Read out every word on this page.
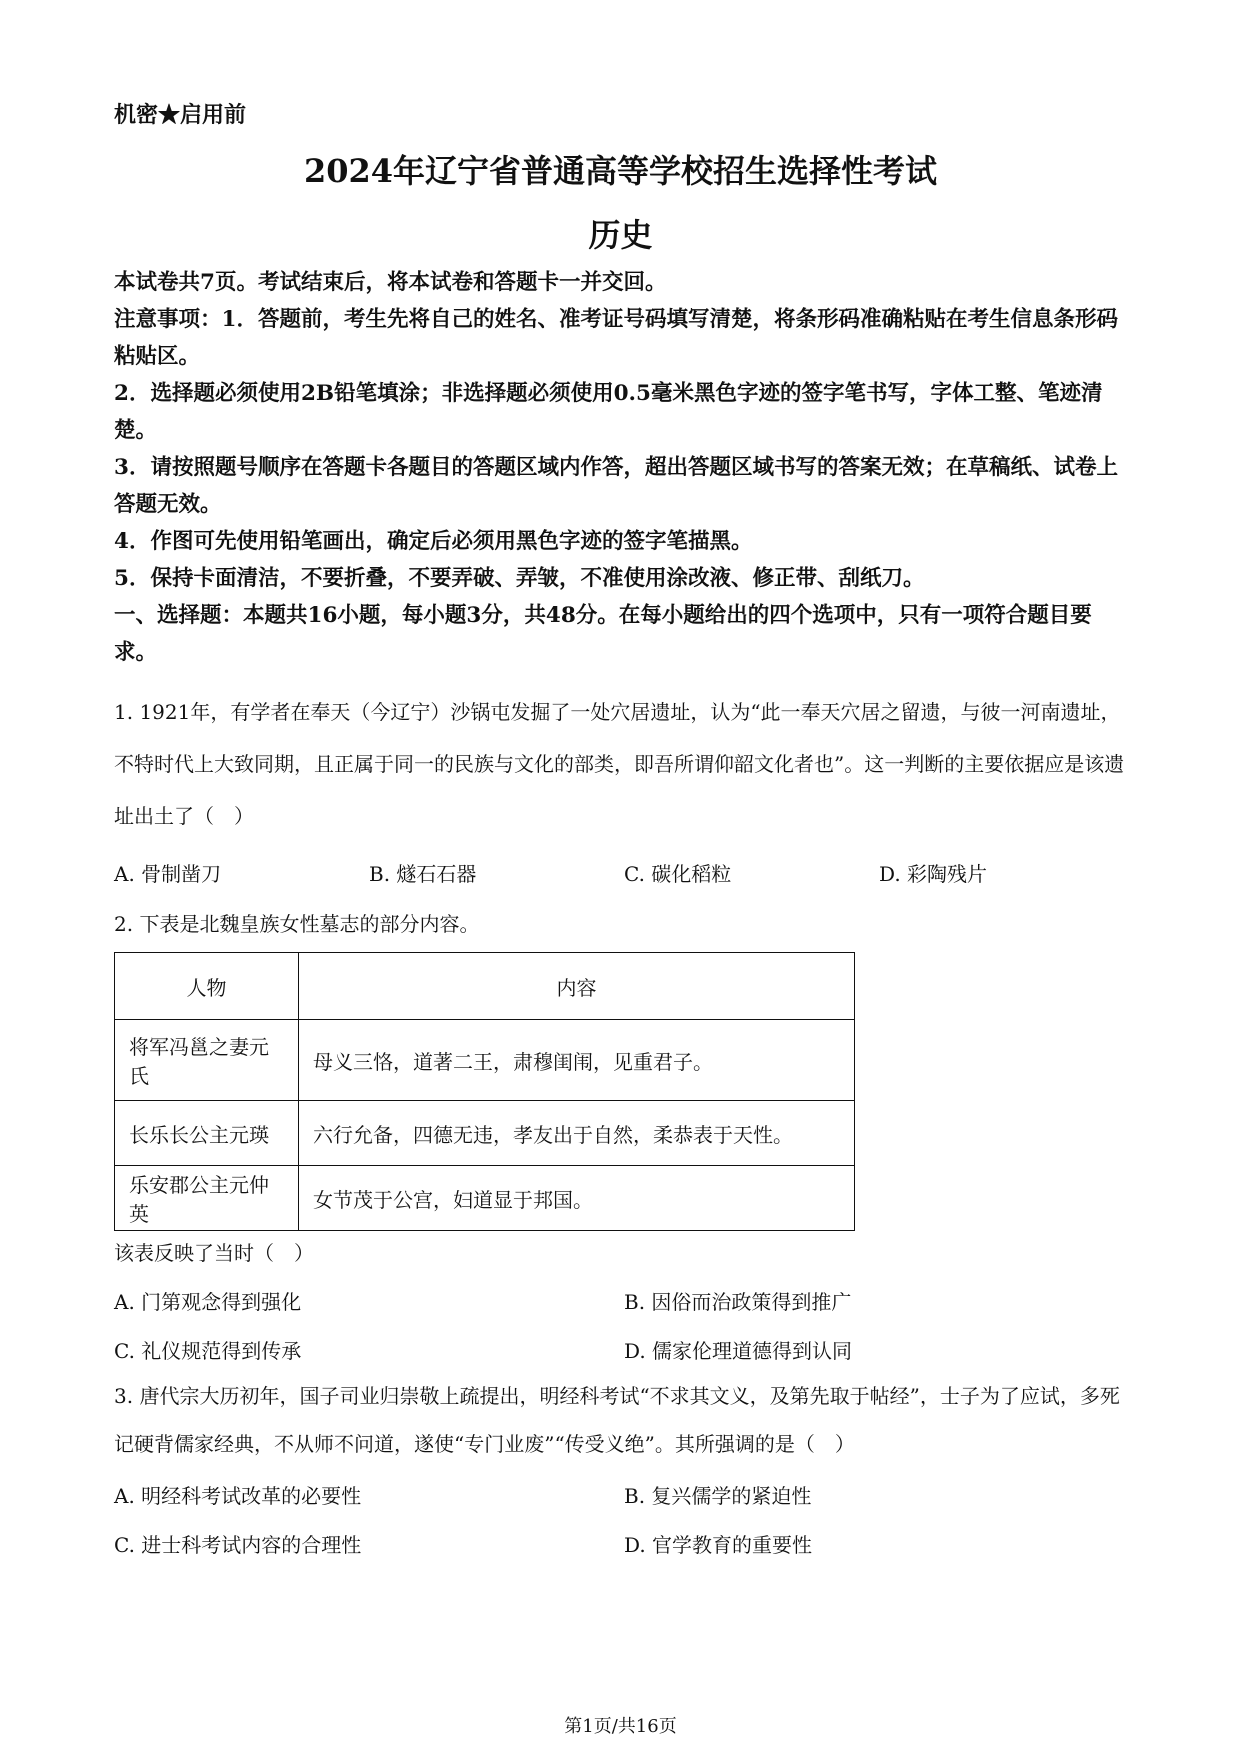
机密★启用前
2024年辽宁省普通高等学校招生选择性考试
历史

本试卷共7页。考试结束后，将本试卷和答题卡一并交回。

注意事项：1．答题前，考生先将自己的姓名、准考证号码填写清楚，将条形码准确粘贴在考生信息条形码粘贴区。

2．选择题必须使用2B铅笔填涂；非选择题必须使用0.5毫米黑色字迹的签字笔书写，字体工整、笔迹清楚。

3．请按照题号顺序在答题卡各题目的答题区域内作答，超出答题区域书写的答案无效；在草稿纸、试卷上答题无效。

4．作图可先使用铅笔画出，确定后必须用黑色字迹的签字笔描黑。

5．保持卡面清洁，不要折叠，不要弄破、弄皱，不准使用涂改液、修正带、刮纸刀。

一、选择题：本题共16小题，每小题3分，共48分。在每小题给出的四个选项中，只有一项符合题目要求。

1. 1921年，有学者在奉天（今辽宁）沙锅屯发掘了一处穴居遗址，认为“此一奉天穴居之留遗，与彼一河南遗址，不特时代上大致同期，且正属于同一的民族与文化的部类，即吾所谓仰韶文化者也”。这一判断的主要依据应是该遗址出土了（　）

A. 骨制凿刀	B. 燧石石器	C. 碳化稻粒	D. 彩陶残片
2. 下表是北魏皇族女性墓志的部分内容。
人物	内容
将军冯邕之妻元氏	母义三恪，道著二王，肃穆闺闱，见重君子。
长乐长公主元瑛	六行允备，四德无违，孝友出于自然，柔恭表于天性。
乐安郡公主元仲英	女节茂于公宫，妇道显于邦国。
该表反映了当时（　）
A. 门第观念得到强化	B. 因俗而治政策得到推广
C. 礼仪规范得到传承	D. 儒家伦理道德得到认同

3. 唐代宗大历初年，国子司业归崇敬上疏提出，明经科考试“不求其文义，及第先取于帖经”，士子为了应试，多死记硬背儒家经典，不从师不问道，遂使“专门业废”“传受义绝”。其所强调的是（　）

A. 明经科考试改革的必要性	B. 复兴儒学的紧迫性
C. 进士科考试内容的合理性	D. 官学教育的重要性
第1页/共16页
